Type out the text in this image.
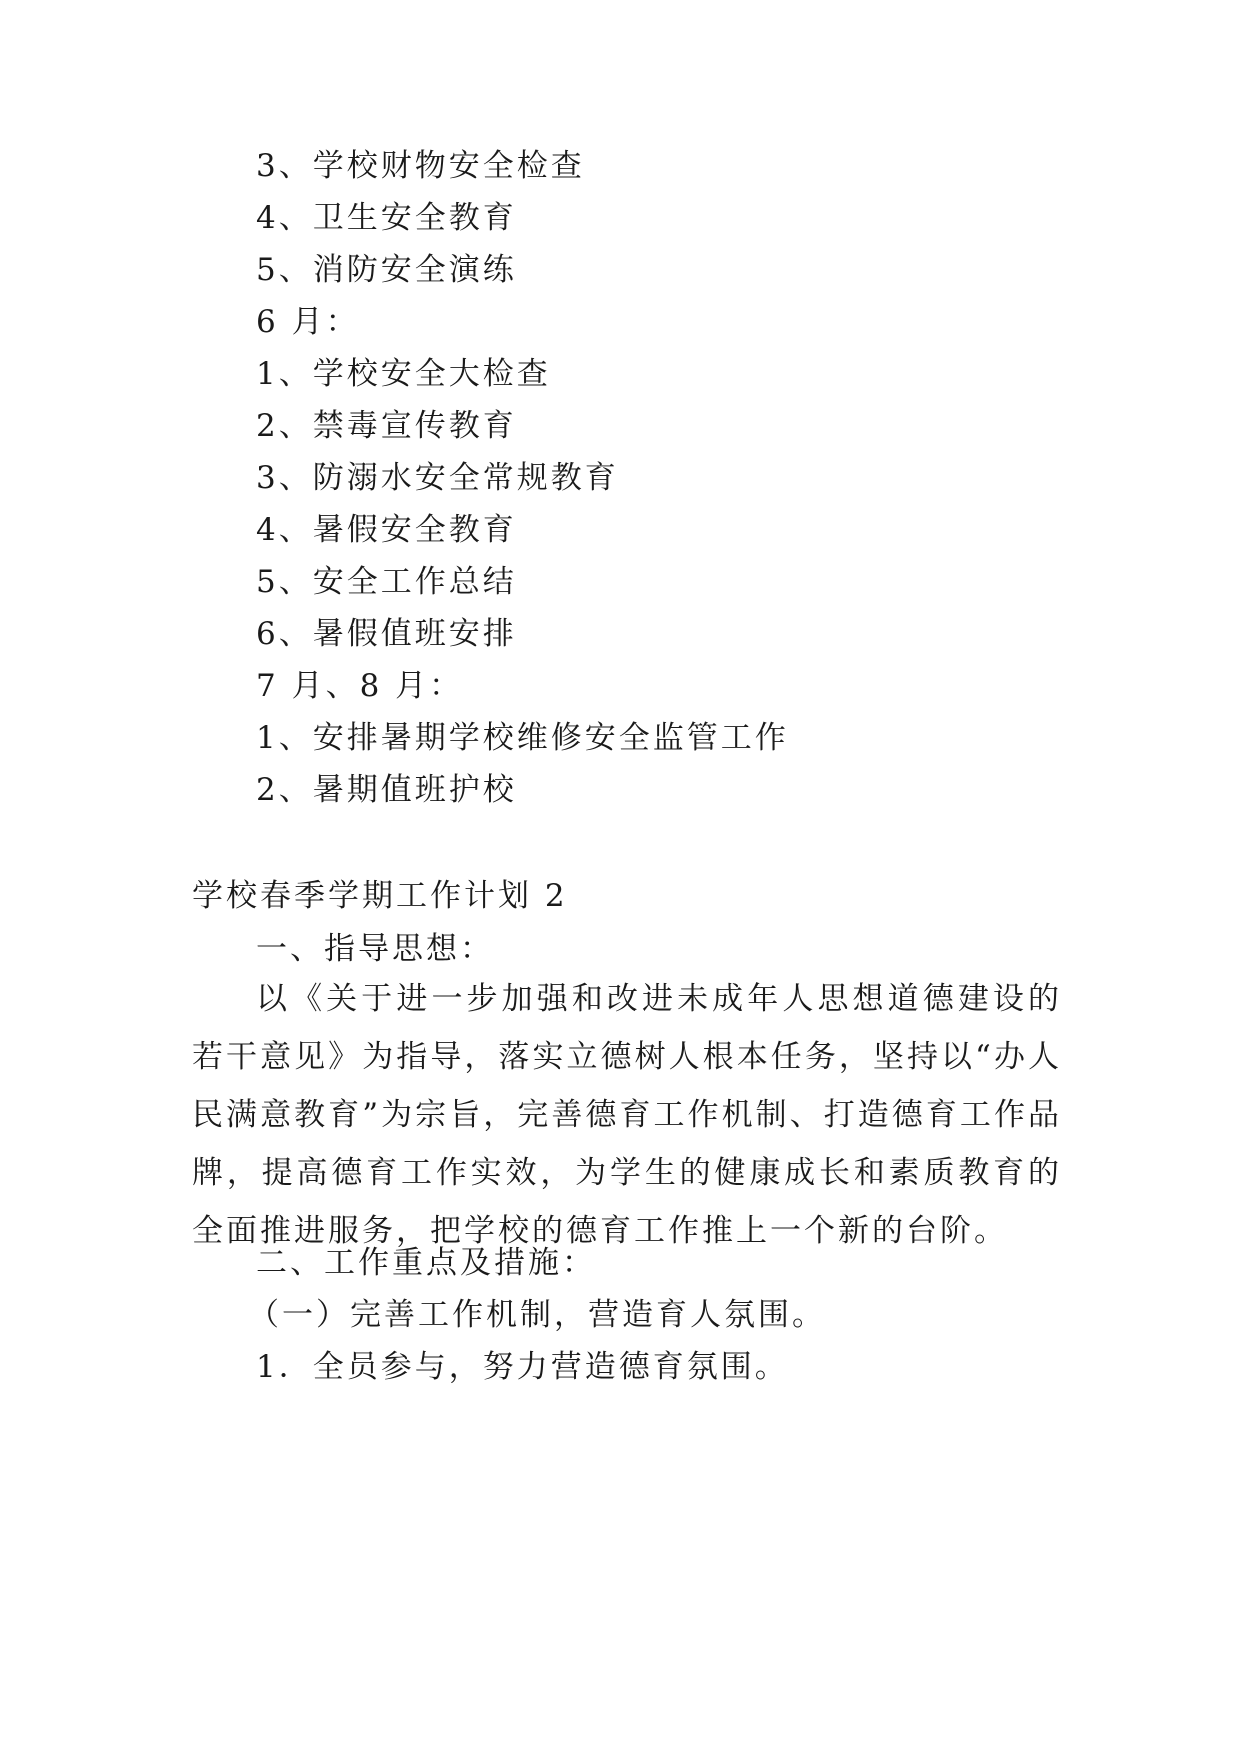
3、学校财物安全检查
4、卫生安全教育
5、消防安全演练
6 月：
1、学校安全大检查
2、禁毒宣传教育
3、防溺水安全常规教育
4、暑假安全教育
5、安全工作总结
6、暑假值班安排
7 月、8 月：
1、安排暑期学校维修安全监管工作
2、暑期值班护校
学校春季学期工作计划 2
一、指导思想：
以《关于进一步加强和改进未成年人思想道德建设的若干意见》为指导，落实立德树人根本任务，坚持以“办人民满意教育”为宗旨，完善德育工作机制、打造德育工作品牌，提高德育工作实效，为学生的健康成长和素质教育的全面推进服务，把学校的德育工作推上一个新的台阶。
二、工作重点及措施：
（一）完善工作机制，营造育人氛围。
1．全员参与，努力营造德育氛围。
